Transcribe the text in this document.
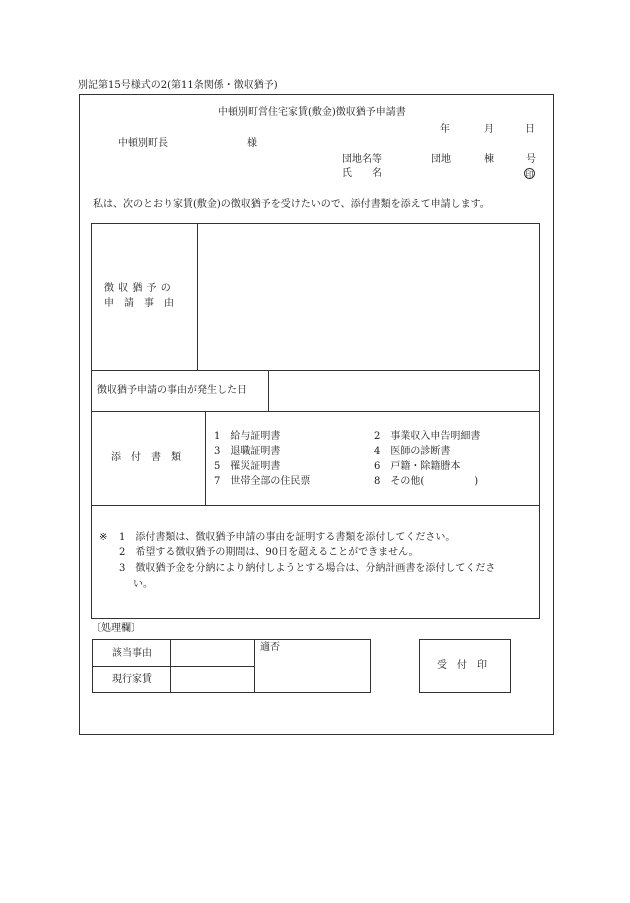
別記第15号様式の2(第11条関係・徴収猶予)
中頓別町営住宅家賃(敷金)徴収猶予申請書
年	月	日
中頓別町長	様
団地名等	団地	棟	号
氏　　名	印
私は、次のとおり家賃(敷金)の徴収猶予を受けたいので、添付書類を添えて申請します。
徴 収 猶 予 の
申　請　事　由
徴収猶予申請の事由が発生した日
添　付　書　類
1　給与証明書	2　事業収入申告明細書
3　退職証明書	4　医師の診断書
5　罹災証明書	6　戸籍・除籍謄本
7　世帯全部の住民票	8　その他(　　　　　)
※ 1　添付書類は、徴収猶予申請の事由を証明する書類を添付してください。
2　希望する徴収猶予の期間は、90日を超えることができません。
3　徴収猶予金を分納により納付しようとする場合は、分納計画書を添付してくださ
い。
〔処理欄〕
該当事由
現行家賃
適否
受　付　印
